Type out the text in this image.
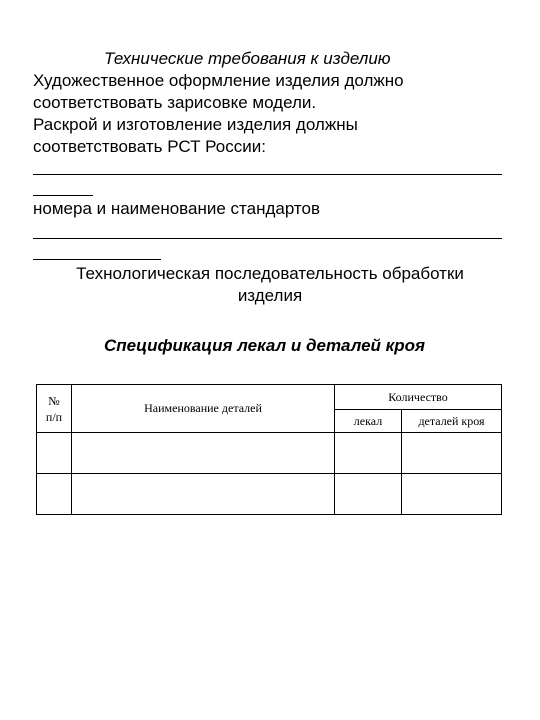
Технические требования к изделию
Художественное оформление изделия должно
соответствовать зарисовке модели.
Раскрой и изготовление изделия должны
соответствовать РСТ России:
номера и наименование стандартов
Технологическая последовательность обработки
изделия
Спецификация лекал и деталей кроя
№
п/п	Наименование деталей	Количество	
		лекал	деталей кроя
